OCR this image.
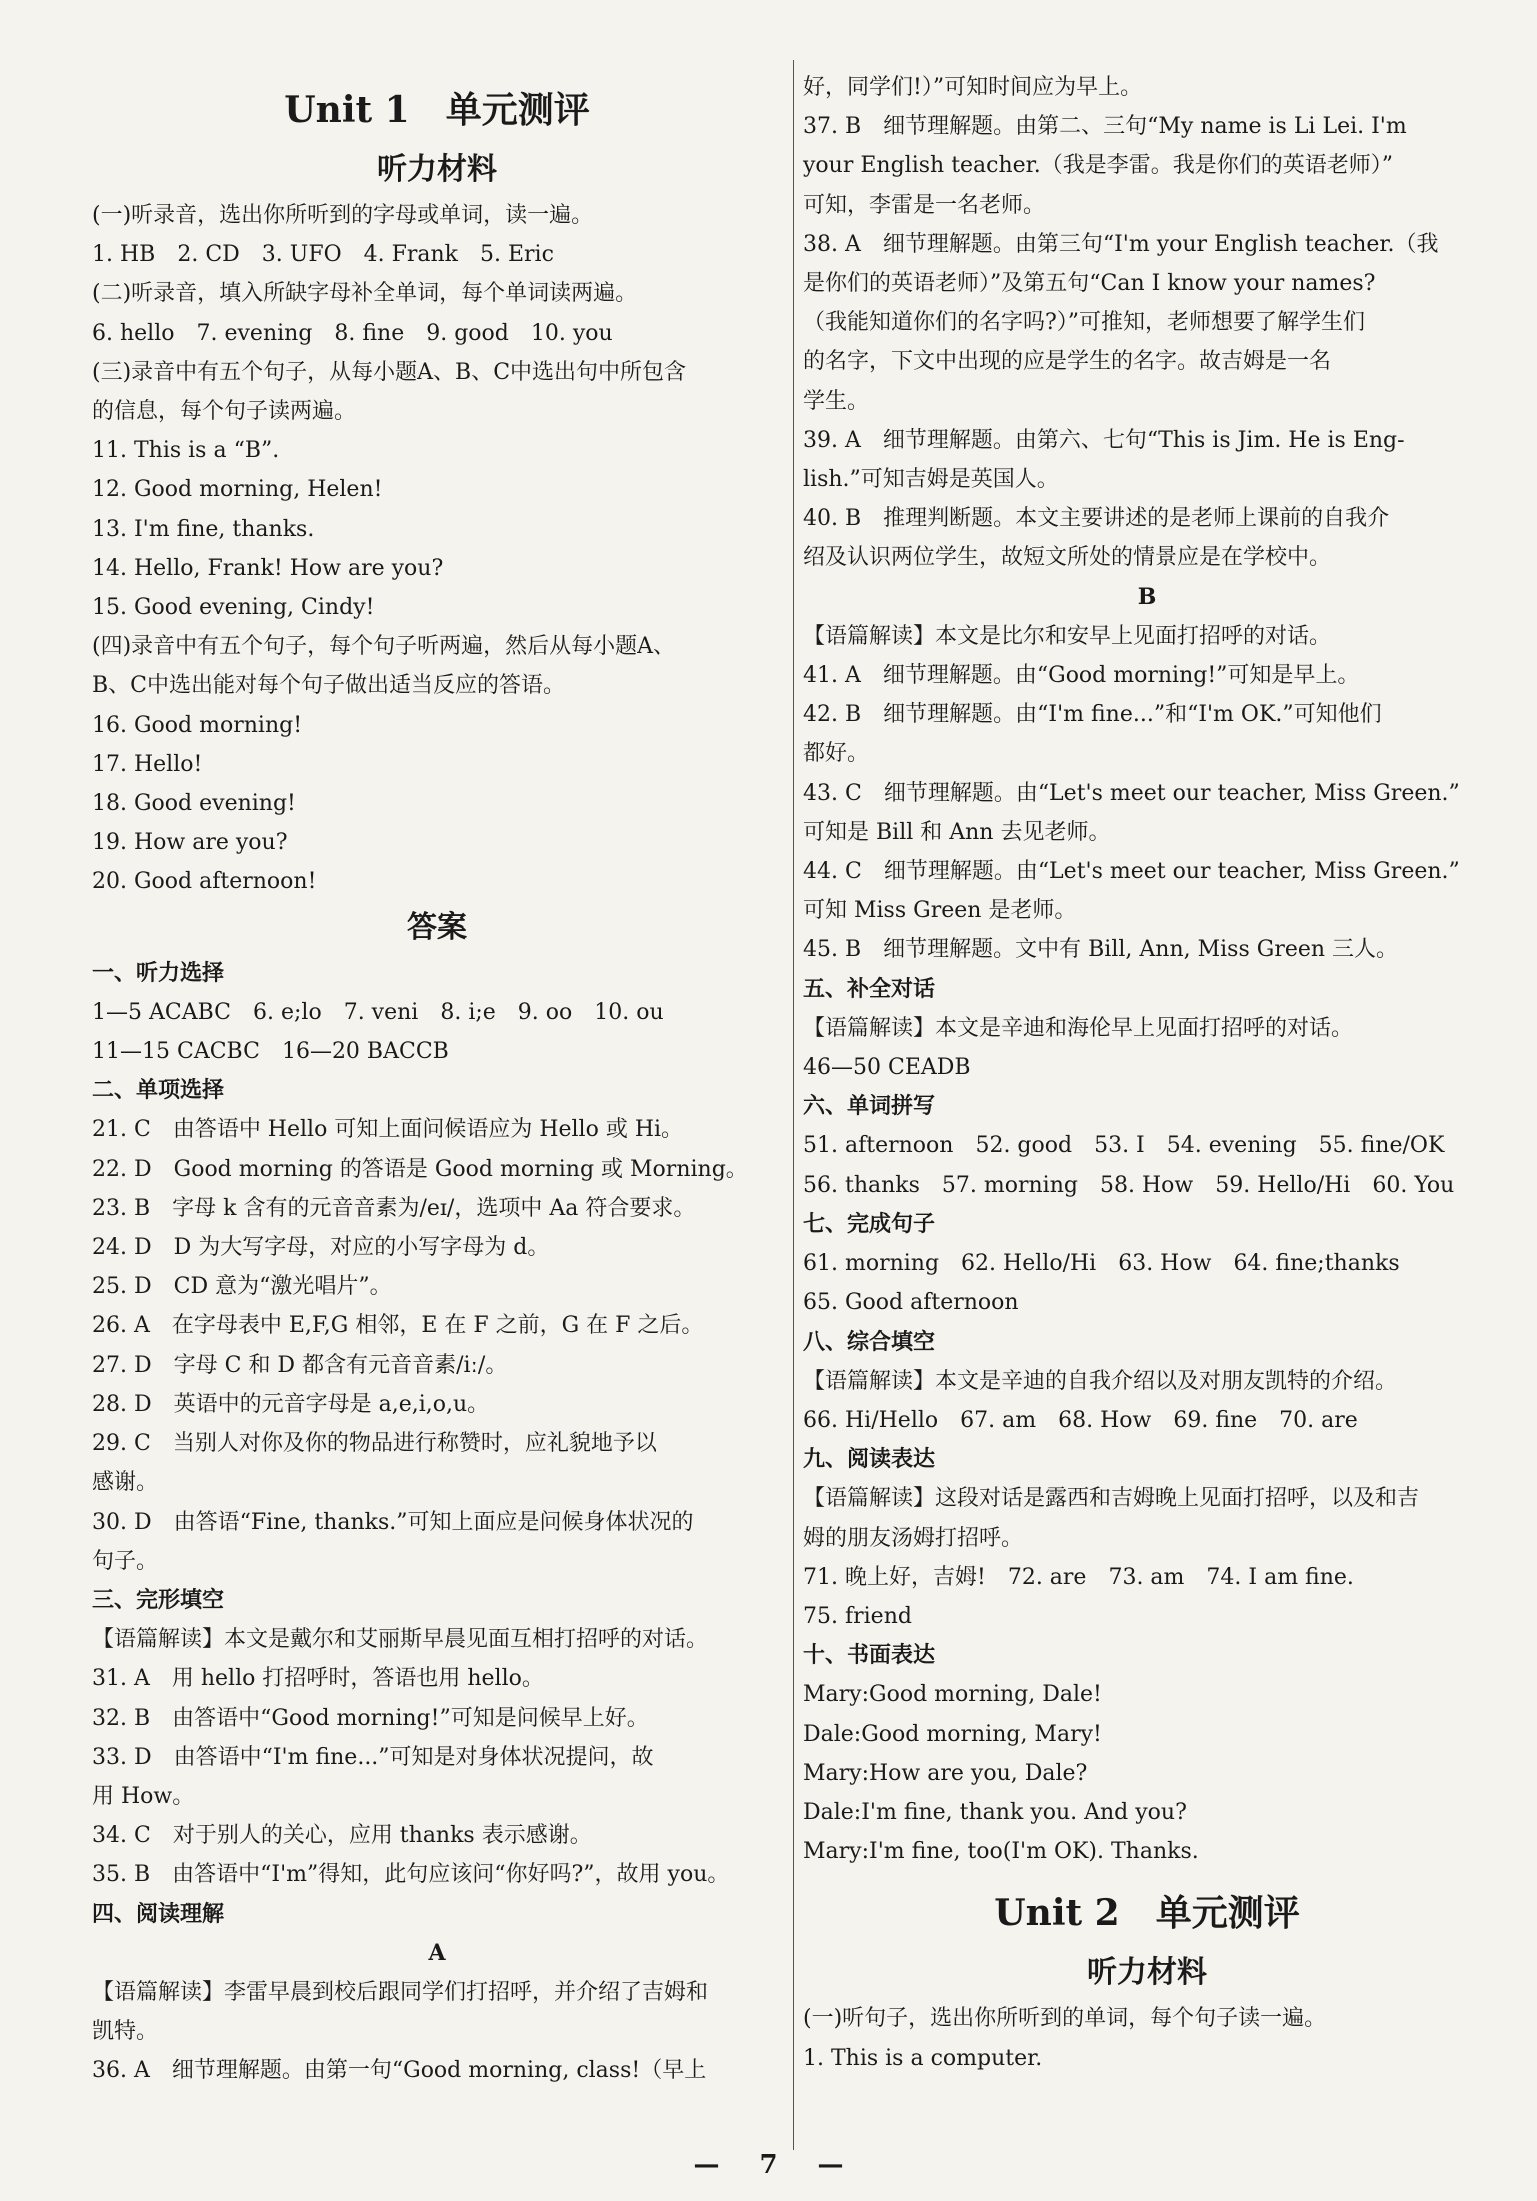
Unit 1　单元测评
听力材料
(一)听录音，选出你所听到的字母或单词，读一遍。
1. HB　2. CD　3. UFO　4. Frank　5. Eric
(二)听录音，填入所缺字母补全单词，每个单词读两遍。
6. hello　7. evening　8. fine　9. good　10. you
(三)录音中有五个句子，从每小题A、B、C中选出句中所包含
的信息，每个句子读两遍。
11. This is a “B”.
12. Good morning, Helen!
13. I'm fine, thanks.
14. Hello, Frank! How are you?
15. Good evening, Cindy!
(四)录音中有五个句子，每个句子听两遍，然后从每小题A、
B、C中选出能对每个句子做出适当反应的答语。
16. Good morning!
17. Hello!
18. Good evening!
19. How are you?
20. Good afternoon!
答案
一、听力选择
1—5 ACABC　6. e;lo　7. veni　8. i;e　9. oo　10. ou
11—15 CACBC　16—20 BACCB
二、单项选择
21. C　由答语中 Hello 可知上面问候语应为 Hello 或 Hi。
22. D　Good morning 的答语是 Good morning 或 Morning。
23. B　字母 k 含有的元音音素为/eɪ/，选项中 Aa 符合要求。
24. D　D 为大写字母，对应的小写字母为 d。
25. D　CD 意为“激光唱片”。
26. A　在字母表中 E,F,G 相邻，E 在 F 之前，G 在 F 之后。
27. D　字母 C 和 D 都含有元音音素/iː/。
28. D　英语中的元音字母是 a,e,i,o,u。
29. C　当别人对你及你的物品进行称赞时，应礼貌地予以
感谢。
30. D　由答语“Fine, thanks.”可知上面应是问候身体状况的
句子。
三、完形填空
【语篇解读】本文是戴尔和艾丽斯早晨见面互相打招呼的对话。
31. A　用 hello 打招呼时，答语也用 hello。
32. B　由答语中“Good morning!”可知是问候早上好。
33. D　由答语中“I'm fine...”可知是对身体状况提问，故
用 How。
34. C　对于别人的关心，应用 thanks 表示感谢。
35. B　由答语中“I'm”得知，此句应该问“你好吗?”，故用 you。
四、阅读理解
A
【语篇解读】李雷早晨到校后跟同学们打招呼，并介绍了吉姆和
凯特。
36. A　细节理解题。由第一句“Good morning, class!（早上
好，同学们!）”可知时间应为早上。
37. B　细节理解题。由第二、三句“My name is Li Lei. I'm
your English teacher.（我是李雷。我是你们的英语老师）”
可知，李雷是一名老师。
38. A　细节理解题。由第三句“I'm your English teacher.（我
是你们的英语老师）”及第五句“Can I know your names?
（我能知道你们的名字吗?）”可推知，老师想要了解学生们
的名字，下文中出现的应是学生的名字。故吉姆是一名
学生。
39. A　细节理解题。由第六、七句“This is Jim. He is Eng-
lish.”可知吉姆是英国人。
40. B　推理判断题。本文主要讲述的是老师上课前的自我介
绍及认识两位学生，故短文所处的情景应是在学校中。
B
【语篇解读】本文是比尔和安早上见面打招呼的对话。
41. A　细节理解题。由“Good morning!”可知是早上。
42. B　细节理解题。由“I'm fine...”和“I'm OK.”可知他们
都好。
43. C　细节理解题。由“Let's meet our teacher, Miss Green.”
可知是 Bill 和 Ann 去见老师。
44. C　细节理解题。由“Let's meet our teacher, Miss Green.”
可知 Miss Green 是老师。
45. B　细节理解题。文中有 Bill, Ann, Miss Green 三人。
五、补全对话
【语篇解读】本文是辛迪和海伦早上见面打招呼的对话。
46—50 CEADB
六、单词拼写
51. afternoon　52. good　53. I　54. evening　55. fine/OK
56. thanks　57. morning　58. How　59. Hello/Hi　60. You
七、完成句子
61. morning　62. Hello/Hi　63. How　64. fine;thanks
65. Good afternoon
八、综合填空
【语篇解读】本文是辛迪的自我介绍以及对朋友凯特的介绍。
66. Hi/Hello　67. am　68. How　69. fine　70. are
九、阅读表达
【语篇解读】这段对话是露西和吉姆晚上见面打招呼，以及和吉
姆的朋友汤姆打招呼。
71. 晚上好，吉姆!　72. are　73. am　74. I am fine.
75. friend
十、书面表达
Mary:Good morning, Dale!
Dale:Good morning, Mary!
Mary:How are you, Dale?
Dale:I'm fine, thank you. And you?
Mary:I'm fine, too(I'm OK). Thanks.
Unit 2　单元测评
听力材料
(一)听句子，选出你所听到的单词，每个句子读一遍。
1. This is a computer.
— 7 —
